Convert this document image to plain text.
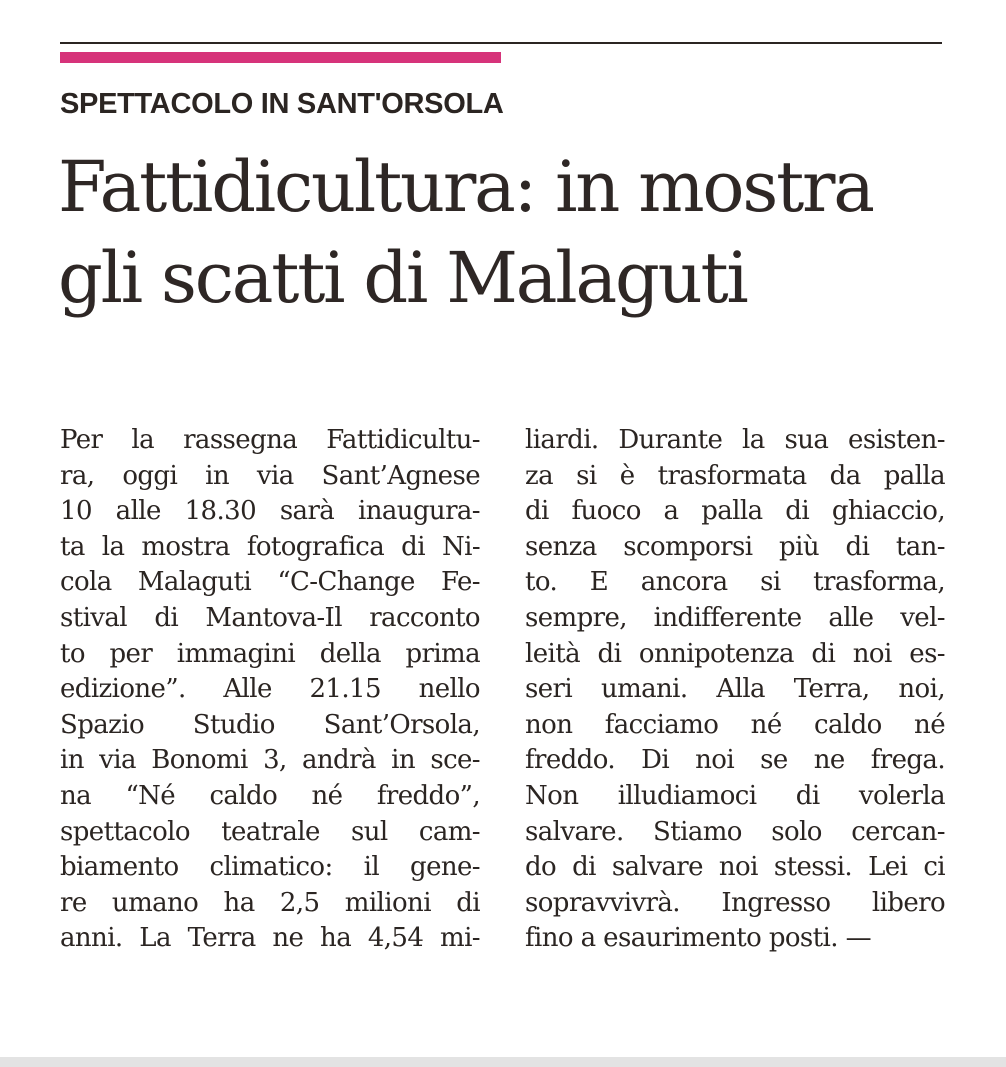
SPETTACOLO IN SANT'ORSOLA
Fattidicultura: in mostra
gli scatti di Malaguti
Per la rassegna Fattidicultu-
ra, oggi in via Sant’Agnese
10 alle 18.30 sarà inaugura-
ta la mostra fotografica di Ni-
cola Malaguti “C-Change Fe-
stival di Mantova-Il racconto
to per immagini della prima
edizione”. Alle 21.15 nello
Spazio Studio Sant’Orsola,
in via Bonomi 3, andrà in sce-
na “Né caldo né freddo”,
spettacolo teatrale sul cam-
biamento climatico: il gene-
re umano ha 2,5 milioni di
anni. La Terra ne ha 4,54 mi-
liardi. Durante la sua esisten-
za si è trasformata da palla
di fuoco a palla di ghiaccio,
senza scomporsi più di tan-
to. E ancora si trasforma,
sempre, indifferente alle vel-
leità di onnipotenza di noi es-
seri umani. Alla Terra, noi,
non facciamo né caldo né
freddo. Di noi se ne frega.
Non illudiamoci di volerla
salvare. Stiamo solo cercan-
do di salvare noi stessi. Lei ci
sopravvivrà. Ingresso libero
fino a esaurimento posti. —
